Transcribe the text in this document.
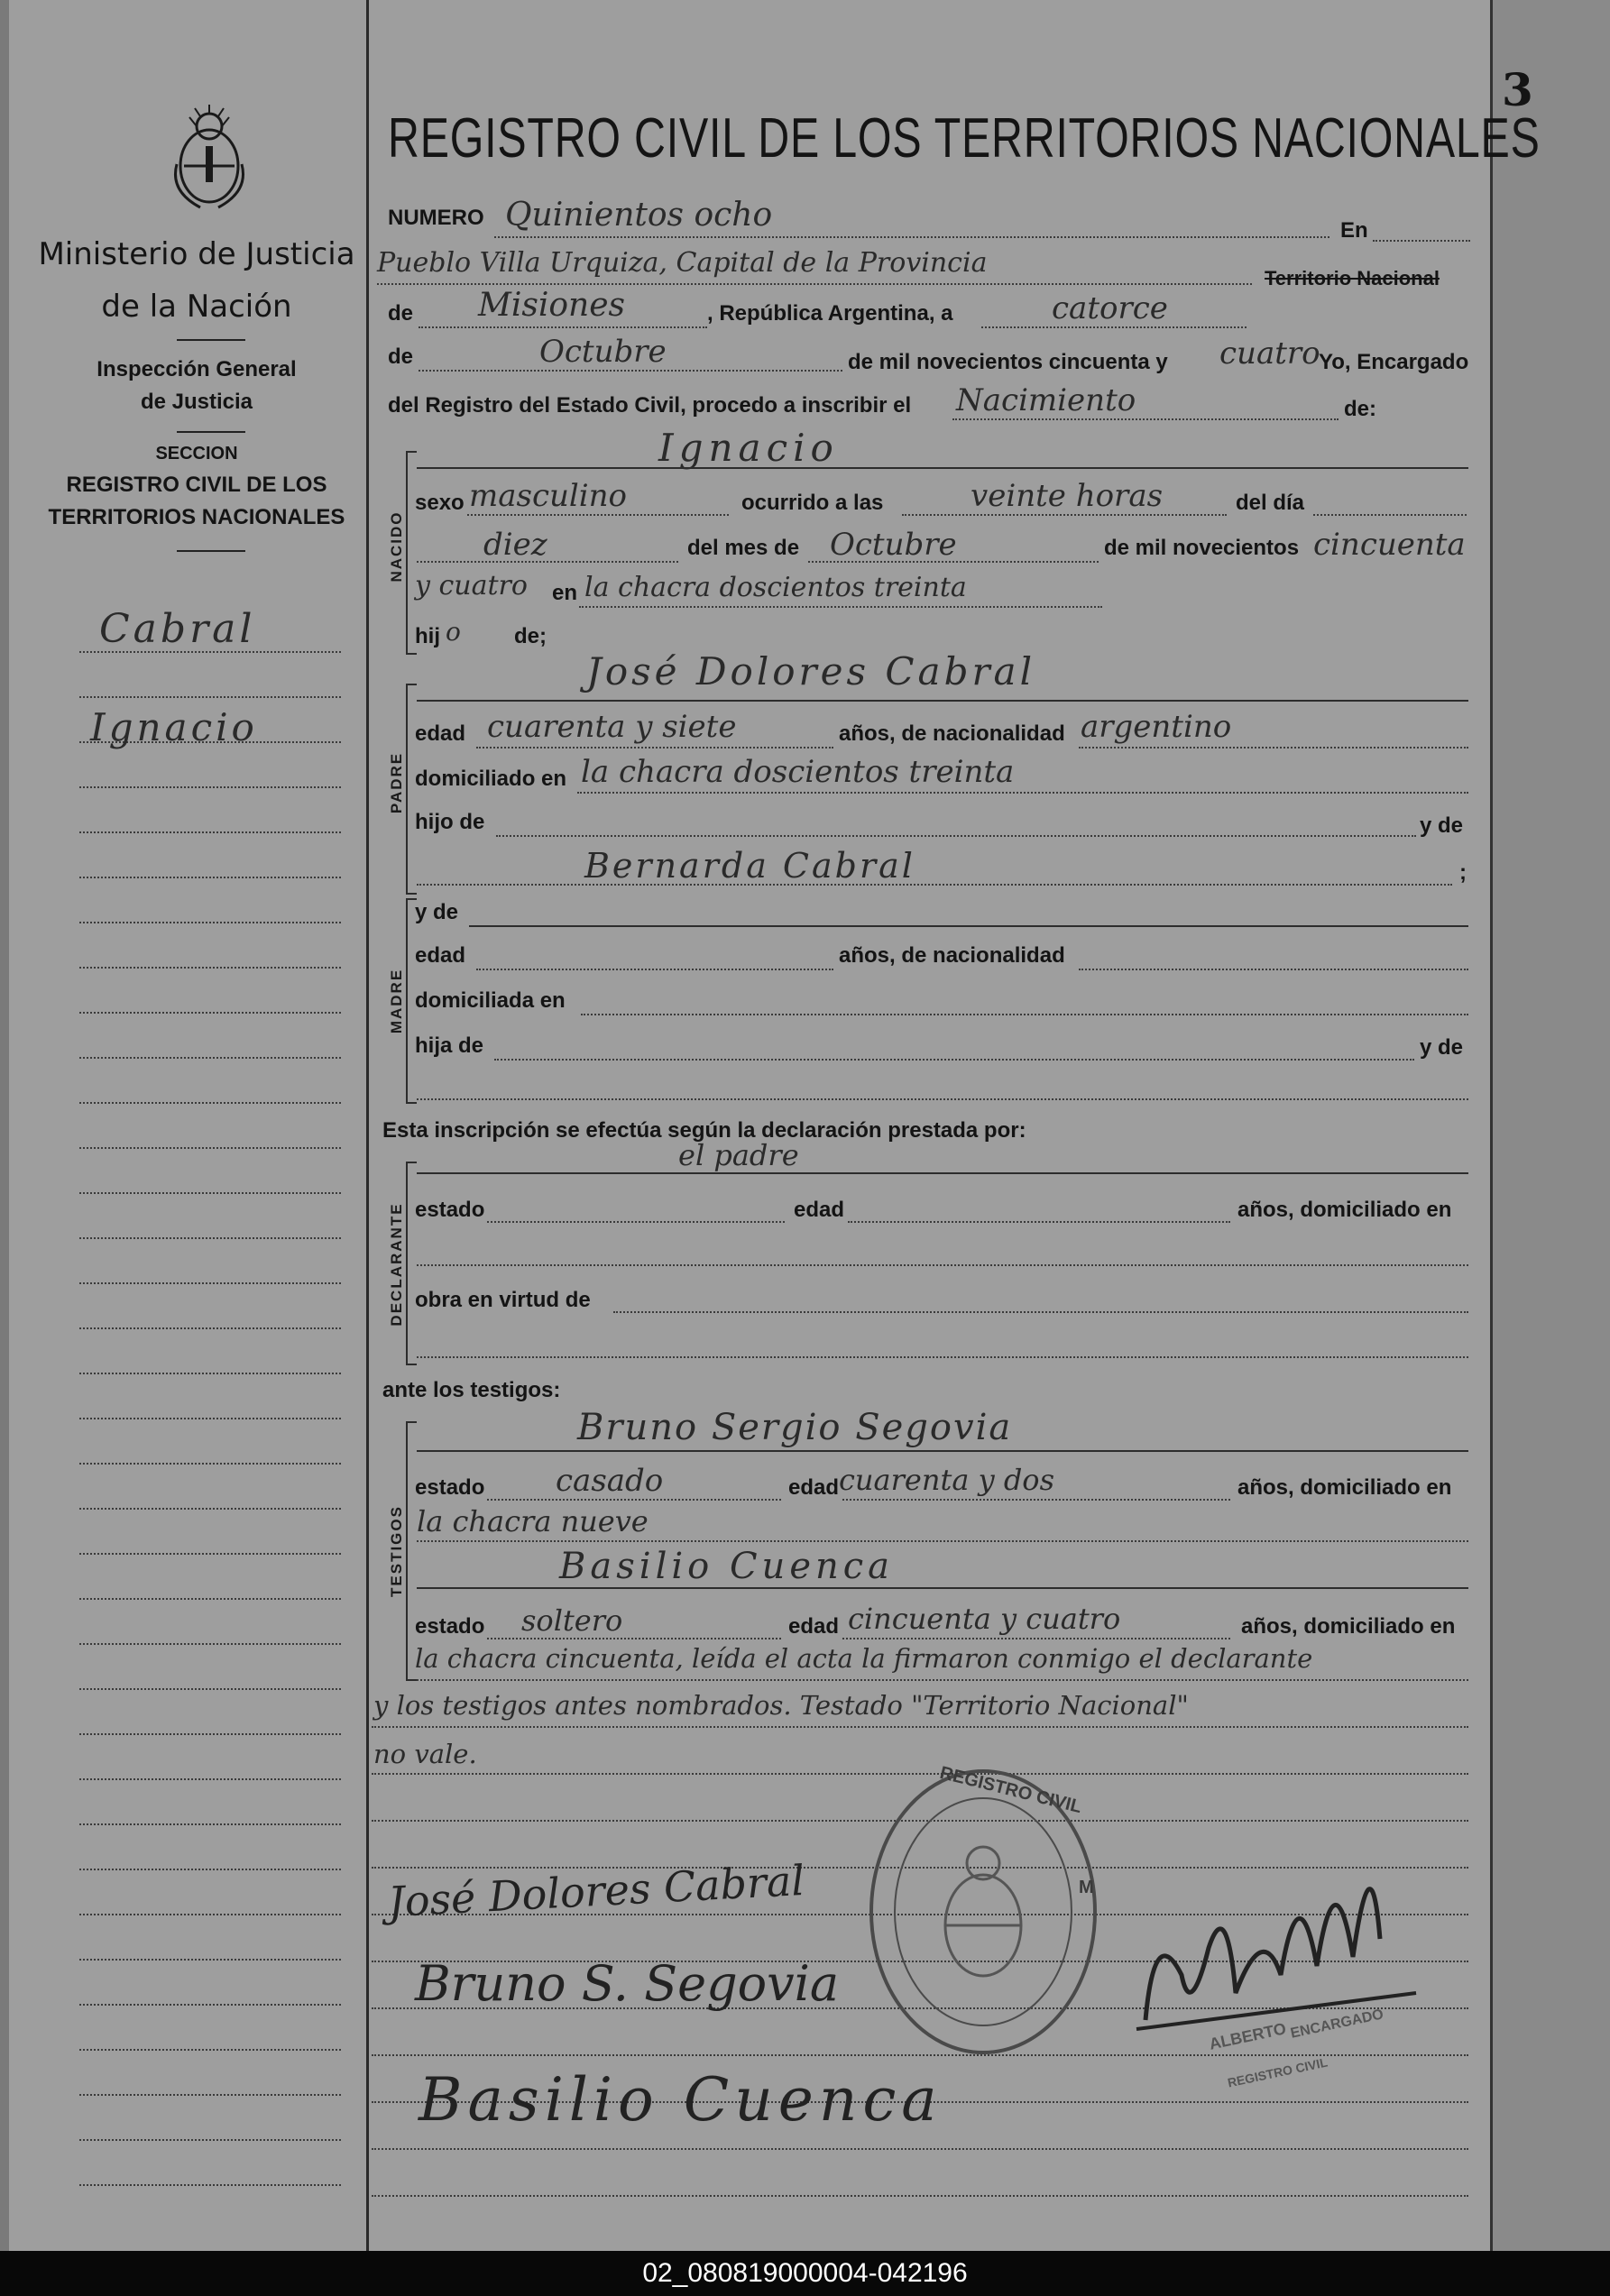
3
Ministerio de Justicia
de la Nación
Inspección General
de Justicia
SECCION
REGISTRO CIVIL DE LOS
TERRITORIOS NACIONALES
Cabral
Ignacio
REGISTRO CIVIL DE LOS TERRITORIOS NACIONALES
NUMERO Quinientos ocho	En
Pueblo Villa Urquiza, Capital de la Provincia	Territorio Nacional
de Misiones	, República Argentina, a	catorce
de	Octubre	de mil novecientos cincuenta y cuatro
Yo, Encargado
del Registro del Estado Civil, procedo a inscribir el Nacimiento	de:
NACIDO
Ignacio
sexo masculino	ocurrido a las	veinte horas	del día
diez	del mes de Octubre	de mil novecientos cincuenta
y cuatro en la chacra doscientos treinta
hij o de;
PADRE
José Dolores Cabral
edad cuarenta y siete	años, de nacionalidad argentino
domiciliado en la chacra doscientos treinta
hijo de	y de
Bernarda Cabral	;
MADRE
y de
edad	años, de nacionalidad
domiciliada en
hija de	y de
Esta inscripción se efectúa según la declaración prestada por:
DECLARANTE
el padre
estado	edad	años, domiciliado en
obra en virtud de
ante los testigos:
TESTIGOS
Bruno Sergio Segovia
estado casado	edad cuarenta y dos	años, domiciliado en
la chacra nueve
Basilio Cuenca
estado soltero	edad cincuenta y cuatro	años, domiciliado en
la chacra cincuenta, leída el acta la firmaron conmigo el declarante
y los testigos antes nombrados. Testado "Territorio Nacional"
no vale.
REGISTRO CIVIL
M
José Dolores Cabral
Bruno S. Segovia
Basilio Cuenca
ALBERTO ENCARGADO
REGISTRO CIVIL
02_080819000004-042196
